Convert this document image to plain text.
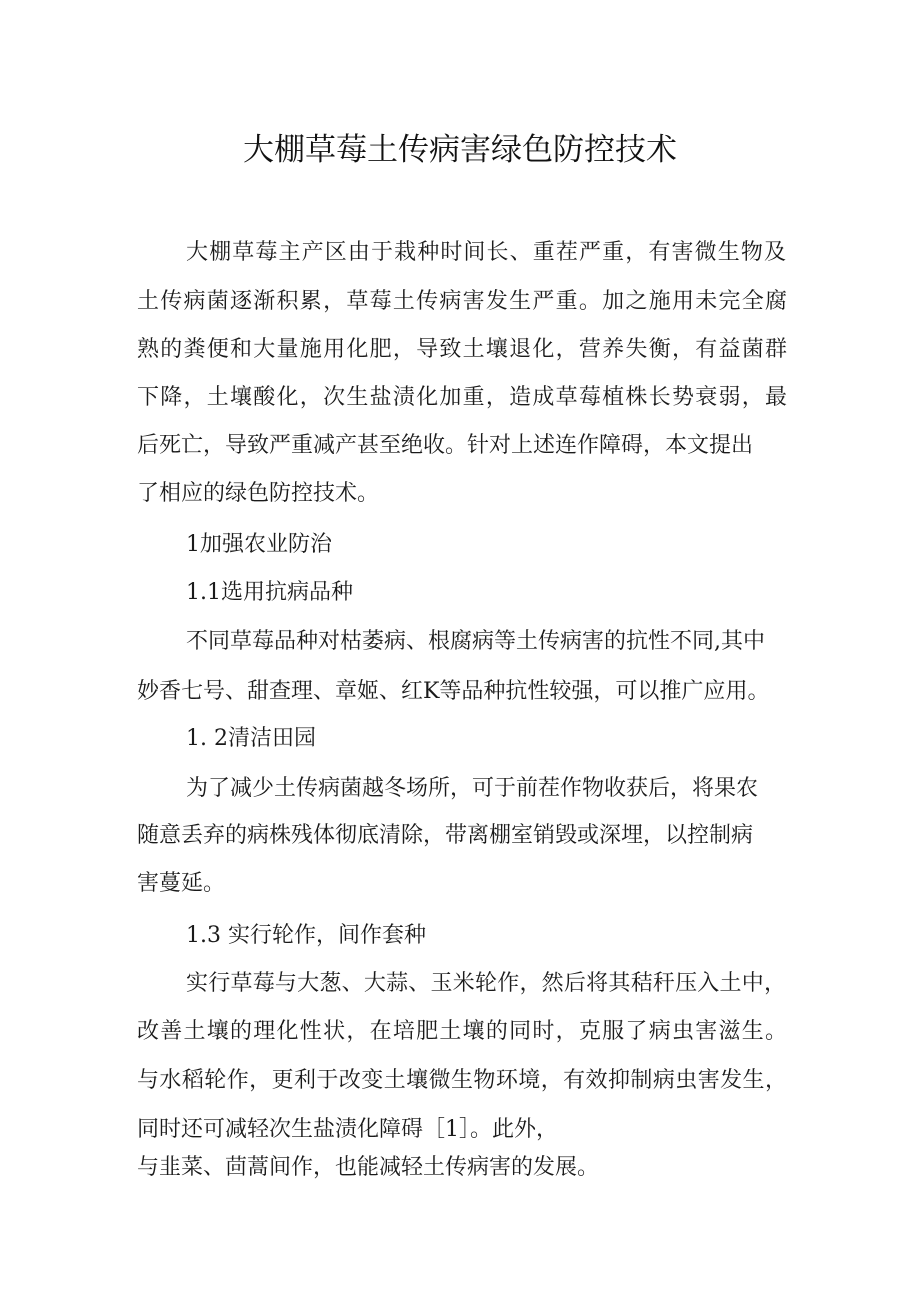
大棚草莓土传病害绿色防控技术

大棚草莓主产区由于栽种时间长、重茬严重，有害微生物及

土传病菌逐渐积累，草莓土传病害发生严重。加之施用未完全腐

熟的粪便和大量施用化肥，导致土壤退化，营养失衡，有益菌群

下降，土壤酸化，次生盐渍化加重，造成草莓植株长势衰弱，最

后死亡，导致严重减产甚至绝收。针对上述连作障碍，本文提出

了相应的绿色防控技术。

1加强农业防治

1.1选用抗病品种

不同草莓品种对枯萎病、根腐病等土传病害的抗性不同,其中

妙香七号、甜查理、章姬、红K等品种抗性较强，可以推广应用。

1. 2清洁田园

为了减少土传病菌越冬场所，可于前茬作物收获后，将果农

随意丢弃的病株残体彻底清除，带离棚室销毁或深埋，以控制病

害蔓延。

1.3 实行轮作，间作套种

实行草莓与大葱、大蒜、玉米轮作，然后将其秸秆压入土中，

改善土壤的理化性状，在培肥土壤的同时，克服了病虫害滋生。

与水稻轮作，更利于改变土壤微生物环境，有效抑制病虫害发生，

同时还可减轻次生盐渍化障碍［1］。此外，

与韭菜、茴蒿间作，也能减轻土传病害的发展。
